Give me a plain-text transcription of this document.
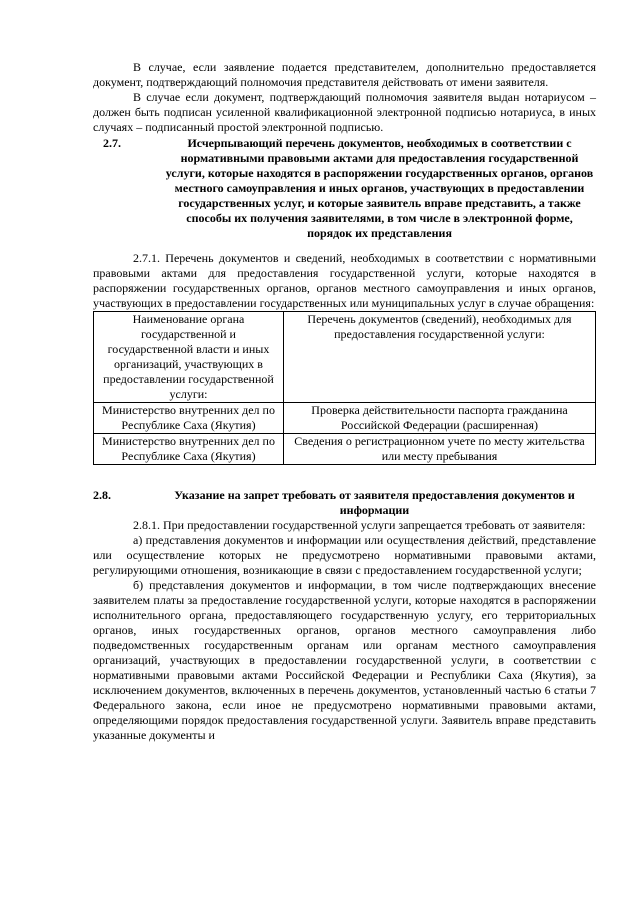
В случае, если заявление подается представителем, дополнительно предоставляется документ, подтверждающий полномочия представителя действовать от имени заявителя.

В случае если документ, подтверждающий полномочия заявителя выдан нотариусом – должен быть подписан усиленной квалификационной электронной подписью нотариуса, в иных случаях – подписанный простой электронной подписью.

2.7.	Исчерпывающий перечень документов, необходимых в соответствии с нормативными правовыми актами для предоставления государственной услуги, которые находятся в распоряжении государственных органов, органов местного самоуправления и иных органов, участвующих в предоставлении государственных услуг, и которые заявитель вправе представить, а также способы их получения заявителями, в том числе в электронной форме, порядок их представления

2.7.1. Перечень документов и сведений, необходимых в соответствии с нормативными правовыми актами для предоставления государственной услуги, которые находятся в распоряжении государственных органов, органов местного самоуправления и иных органов, участвующих в предоставлении государственных или муниципальных услуг в случае обращения:

Наименование органа государственной и государственной власти и иных организаций, участвующих в предоставлении государственной услуги:	Перечень документов (сведений), необходимых для предоставления государственной услуги:
Министерство внутренних дел по Республике Саха (Якутия)	Проверка действительности паспорта гражданина Российской Федерации (расширенная)
Министерство внутренних дел по Республике Саха (Якутия)	Сведения о регистрационном учете по месту жительства или месту пребывания
2.8.	Указание на запрет требовать от заявителя предоставления документов и информации

2.8.1. При предоставлении государственной услуги запрещается требовать от заявителя:

а) представления документов и информации или осуществления действий, представление или осуществление которых не предусмотрено нормативными правовыми актами, регулирующими отношения, возникающие в связи с предоставлением государственной услуги;

б) представления документов и информации, в том числе подтверждающих внесение заявителем платы за предоставление государственной услуги, которые находятся в распоряжении исполнительного органа, предоставляющего государственную услугу, его территориальных органов, иных государственных органов, органов местного самоуправления либо подведомственных государственным органам или органам местного самоуправления организаций, участвующих в предоставлении государственной услуги, в соответствии с нормативными правовыми актами Российской Федерации и Республики Саха (Якутия), за исключением документов, включенных в перечень документов, установленный частью 6 статьи 7 Федерального закона, если иное не предусмотрено нормативными правовыми актами, определяющими порядок предоставления государственной услуги. Заявитель вправе представить указанные документы и
